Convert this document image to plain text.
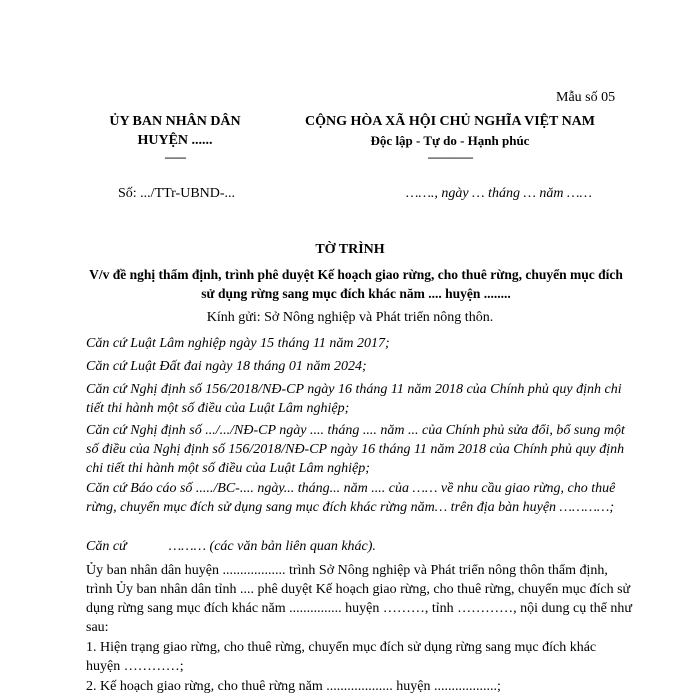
Mẫu số 05
ỦY BAN NHÂN DÂN
HUYỆN ......
-------
CỘNG HÒA XÃ HỘI CHỦ NGHĨA VIỆT NAM
Độc lập - Tự do - Hạnh phúc
---------------
Số: .../TTr-UBND-...	……., ngày … tháng … năm ……
TỜ TRÌNH
V/v đề nghị thẩm định, trình phê duyệt Kế hoạch giao rừng, cho thuê rừng, chuyển mục đích sử dụng rừng sang mục đích khác năm .... huyện ........
Kính gửi: Sở Nông nghiệp và Phát triển nông thôn.
Căn cứ Luật Lâm nghiệp ngày 15 tháng 11 năm 2017;
Căn cứ Luật Đất đai ngày 18 tháng 01 năm 2024;
Căn cứ Nghị định số 156/2018/NĐ-CP ngày 16 tháng 11 năm 2018 của Chính phủ quy định chi tiết thi hành một số điều của Luật Lâm nghiệp;
Căn cứ Nghị định số .../.../NĐ-CP ngày .... tháng .... năm ... của Chính phủ sửa đổi, bổ sung một số điều của Nghị định số 156/2018/NĐ-CP ngày 16 tháng 11 năm 2018 của Chính phủ quy định chi tiết thi hành một số điều của Luật Lâm nghiệp;
Căn cứ Báo cáo số ...../BC-.... ngày... tháng... năm .... của …… về nhu cầu giao rừng, cho thuê rừng, chuyển mục đích sử dụng sang mục đích khác rừng năm… trên địa bàn huyện …………;
Căn cứ            ……… (các văn bản liên quan khác).
Ủy ban nhân dân huyện .................. trình Sở Nông nghiệp và Phát triển nông thôn thẩm định, trình Ủy ban nhân dân tỉnh .... phê duyệt Kế hoạch giao rừng, cho thuê rừng, chuyển mục đích sử dụng rừng sang mục đích khác năm ............... huyện ………, tỉnh …………, nội dung cụ thể như sau:
1. Hiện trạng giao rừng, cho thuê rừng, chuyển mục đích sử dụng rừng sang mục đích khác huyện …………;
2. Kế hoạch giao rừng, cho thuê rừng năm ................... huyện ..................;
